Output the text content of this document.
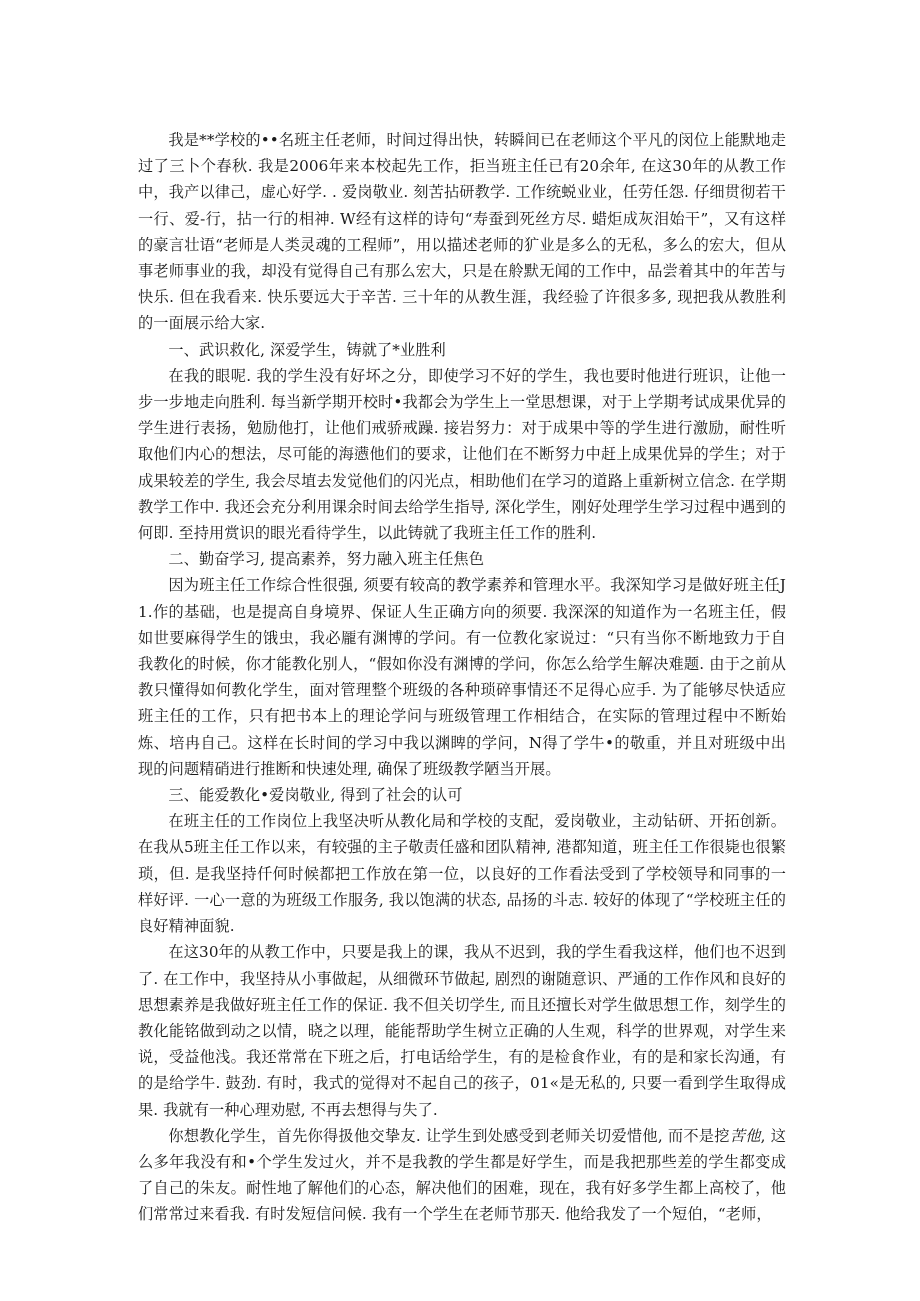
我是**学校的••名班主任老师，时间过得出快，转瞬间已在老师这个平凡的闵位上能默地走过了三卜个春秋. 我是2006年来本校起先工作，拒当班主任已有20余年, 在这30年的从教工作中，我产以律己，虚心好学. . 爱岗敬业. 刻苦拈研教学. 工作统蜕业业，任劳任怨. 仔细贯彻若干一行、爱-行，拈一行的相神. W经有这样的诗句“寿蚕到死丝方尽. 蜡炬成灰泪始干”，又有这样的豪言壮语“老师是人类灵魂的工程师”，用以描述老师的犷业是多么的无私，多么的宏大，但从事老师事业的我，却没有觉得自己有那么宏大，只是在舲默无闻的工作中，品尝着其中的年苦与快乐. 但在我看来. 快乐要远大于辛苦. 三十年的从教生涯，我经验了许很多多, 现把我从教胜利的一面展示给大家.

一、武识救化, 深爱学生，铸就了*业胜利

在我的眼呢. 我的学生没有好坏之分，即使学习不好的学生，我也要时他进行班识，让他一步一步地走向胜利. 每当新学期开校时•我都会为学生上一堂思想课，对于上学期考试成果优异的学生进行表扬，勉励他打，让他们戒骄戒躁. 接岩努力：对于成果中等的学生进行激励，耐性听取他们内心的想法，尽可能的海懑他们的要求，让他们在不断努力中赶上成果优异的学生；对于成果较差的学生, 我会尽埴去发觉他们的闪光点，相助他们在学习的道路上重新树立信念. 在学期教学工作中. 我还会充分利用课余时间去给学生指导, 深化学生，刚好处理学生学习过程中遇到的何即. 至持用赏识的眼光看待学生，以此铸就了我班主任工作的胜利.

二、勤奋学习, 提高素养，努力融入班主任焦色

因为班主任工作综合性很强, 须要有较高的教学素养和管理水平。我深知学习是做好班主任J1.作的基础，也是提高自身境界、保证人生正确方向的须要. 我深深的知道作为一名班主任，假如世要麻得学生的饿虫，我必龎有渊博的学问。有一位教化家说过：“只有当你不断地致力于自我教化的时候，你才能教化别人，“假如你没有渊博的学问，你怎么给学生解决难题. 由于之前从教只懂得如何教化学生，面对管理整个班级的各种琐碎事情还不足得心应手. 为了能够尽快适应班主任的工作，只有把书本上的理论学问与班级管理工作相结合，在实际的管理过程中不断始炼、培冉自己。这样在长时间的学习中我以渊睥的学问，N得了学牛•的敬重，并且对班级中出现的问题精硝进行推断和快速处理, 确保了班级教学陋当开展。

三、能爱教化•爱岗敬业, 得到了社会的认可

在班主任的工作岗位上我坚决听从教化局和学校的支配，爱岗敬业，主动钻研、开拓创新。在我从5班主任工作以来，有较强的主子敬责任盛和团队精神, 港都知道，班主任工作很毙也很繁琐，但. 是我坚持仟何时候都把工作放在第一位，以良好的工作看法受到了学校领导和同事的一样好评. 一心一意的为班级工作服务, 我以饱满的状态, 品扬的斗志. 较好的体现了“学校班主任的良好精神面貌.

在这30年的从教工作中，只要是我上的课，我从不迟到，我的学生看我这样，他们也不迟到了. 在工作中，我坚持从小事做起，从细微环节做起, 剧烈的谢随意识、严通的工作作风和良好的思想素养是我做好班主任工作的保证. 我不但关切学生, 而且还擅长对学生做思想工作，刻学生的教化能铭做到动之以情，晓之以理，能能帮助学生树立正确的人生观，科学的世界观，对学生来说，受益他浅。我还常常在下班之后，打电话给学生，有的是检食作业，有的是和家长沟通，有的是给学牛. 鼓劲. 有时，我式的觉得对不起自己的孩子，01«是无私的, 只要一看到学生取得成果. 我就有一种心理劝慰, 不再去想得与失了.

你想教化学生，首先你得扱他交挚友. 让学生到处感受到老师关切爱惜他, 而不是挖苦他, 这么多年我没有和•个学生发过火，并不是我教的学生都是好学生，而是我把那些差的学生都变成了自己的朱友。耐性地了解他们的心态，解决他们的困难，现在，我有好多学生都上高校了，他们常常过来看我. 有时发短信问候. 我有一个学生在老师节那天. 他给我发了一个短伯，“老师，
